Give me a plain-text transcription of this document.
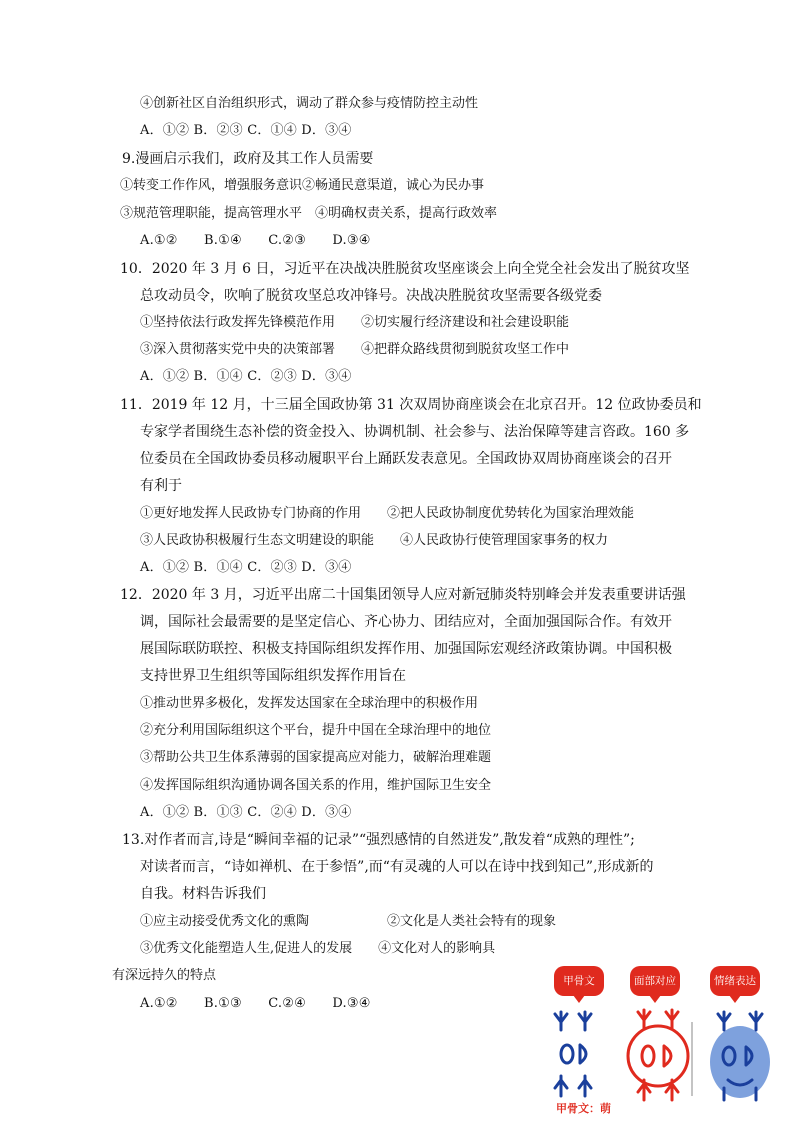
④创新社区自治组织形式，调动了群众参与疫情防控主动性
A．①② B．②③ C．①④ D．③④
9.漫画启示我们，政府及其工作人员需要
①转变工作作风，增强服务意识②畅通民意渠道，诚心为民办事
③规范管理职能，提高管理水平　④明确权责关系，提高行政效率
A.①②　　B.①④　　C.②③　　D.③④
10．2020 年 3 月 6 日，习近平在决战决胜脱贫攻坚座谈会上向全党全社会发出了脱贫攻坚
总攻动员令，吹响了脱贫攻坚总攻冲锋号。决战决胜脱贫攻坚需要各级党委
①坚持依法行政发挥先锋模范作用　　②切实履行经济建设和社会建设职能
③深入贯彻落实党中央的决策部署　　④把群众路线贯彻到脱贫攻坚工作中
A．①② B．①④ C．②③ D．③④
11．2019 年 12 月，十三届全国政协第 31 次双周协商座谈会在北京召开。12 位政协委员和
专家学者围绕生态补偿的资金投入、协调机制、社会参与、法治保障等建言咨政。160 多
位委员在全国政协委员移动履职平台上踊跃发表意见。全国政协双周协商座谈会的召开
有利于
①更好地发挥人民政协专门协商的作用　　②把人民政协制度优势转化为国家治理效能
③人民政协积极履行生态文明建设的职能　　④人民政协行使管理国家事务的权力
A．①② B．①④ C．②③ D．③④
12．2020 年 3 月，习近平出席二十国集团领导人应对新冠肺炎特别峰会并发表重要讲话强
调，国际社会最需要的是坚定信心、齐心协力、团结应对，全面加强国际合作。有效开
展国际联防联控、积极支持国际组织发挥作用、加强国际宏观经济政策协调。中国积极
支持世界卫生组织等国际组织发挥作用旨在
①推动世界多极化，发挥发达国家在全球治理中的积极作用
②充分利用国际组织这个平台，提升中国在全球治理中的地位
③帮助公共卫生体系薄弱的国家提高应对能力，破解治理难题
④发挥国际组织沟通协调各国关系的作用，维护国际卫生安全
A．①② B．①③ C．②④ D．③④
13.对作者而言,诗是“瞬间幸福的记录”“强烈感情的自然迸发”,散发着“成熟的理性”;
对读者而言，“诗如禅机、在于参悟”,而“有灵魂的人可以在诗中找到知己”,形成新的
自我。材料告诉我们
①应主动接受优秀文化的熏陶　　　　　　②文化是人类社会特有的现象
③优秀文化能塑造人生,促进人的发展　　④文化对人的影响具
有深远持久的特点
A.①②　　B.①③　　C.②④　　D.③④
甲骨文	面部对应	情绪表达
甲骨文：萌
